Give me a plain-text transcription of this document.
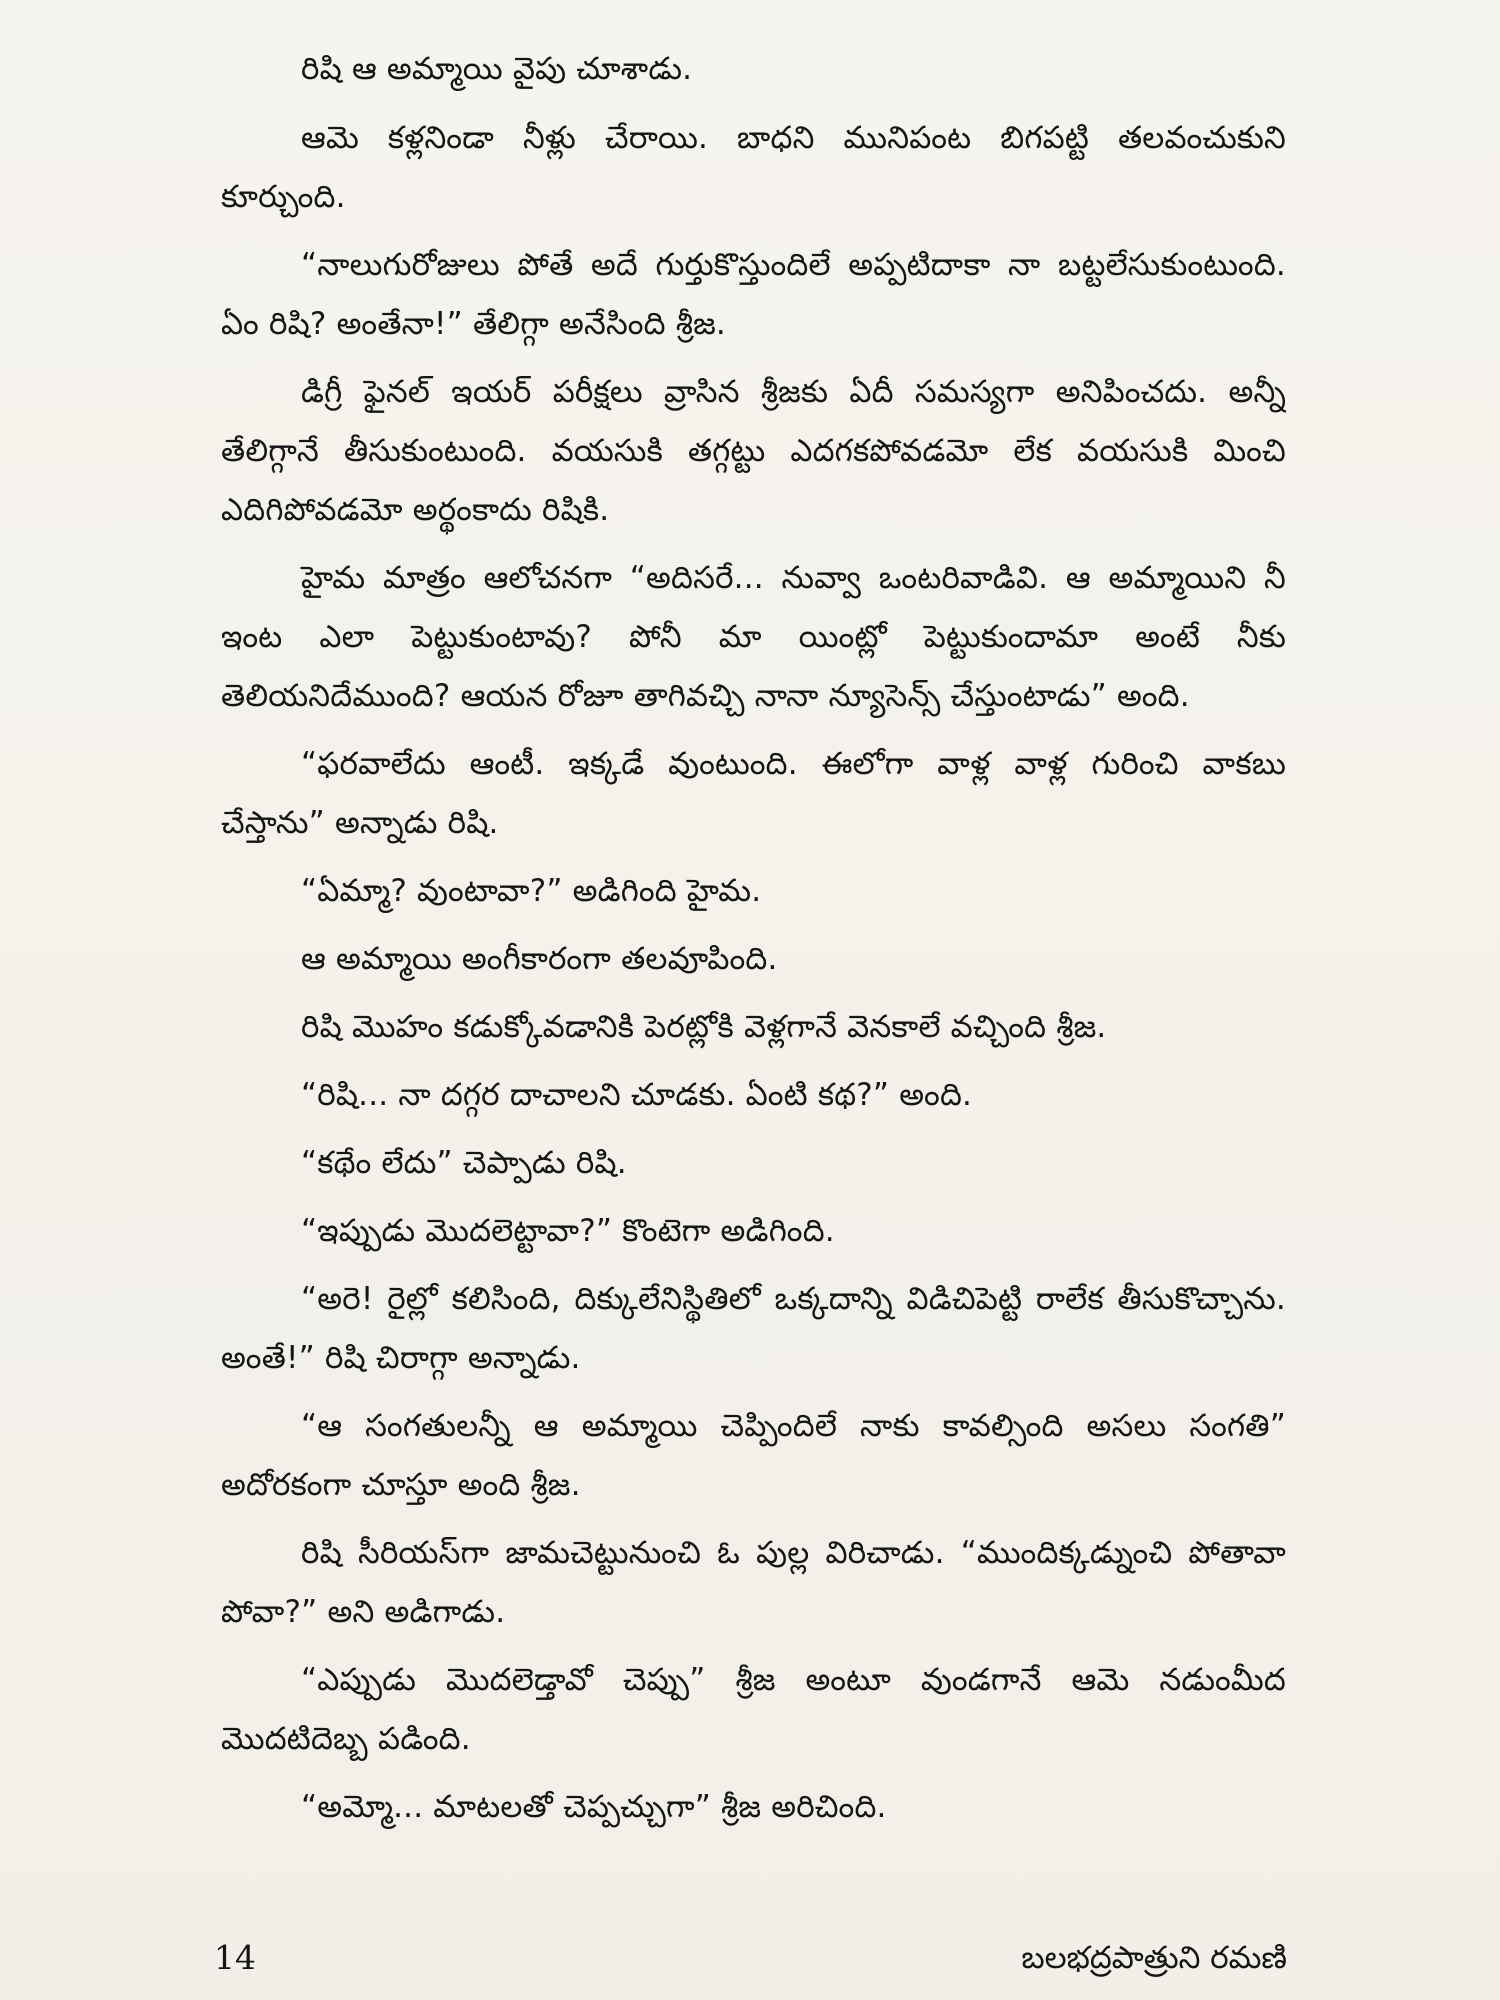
రిషి ఆ అమ్మాయి వైపు చూశాడు.

ఆమె కళ్లనిండా నీళ్లు చేరాయి. బాధని మునిపంట బిగపట్టి తలవంచుకుని కూర్చుంది.

“నాలుగురోజులు పోతే అదే గుర్తుకొస్తుందిలే అప్పటిదాకా నా బట్టలేసుకుంటుంది. ఏం రిషి? అంతేనా!” తేలిగ్గా అనేసింది శ్రీజ.

డిగ్రీ ఫైనల్ ఇయర్ పరీక్షలు వ్రాసిన శ్రీజకు ఏదీ సమస్యగా అనిపించదు. అన్నీ తేలిగ్గానే తీసుకుంటుంది. వయసుకి తగ్గట్టు ఎదగకపోవడమో లేక వయసుకి మించి ఎదిగిపోవడమో అర్థంకాదు రిషికి.

హైమ మాత్రం ఆలోచనగా “అదిసరే... నువ్వా ఒంటరివాడివి. ఆ అమ్మాయిని నీ ఇంట ఎలా పెట్టుకుంటావు? పోనీ మా యింట్లో పెట్టుకుందామా అంటే నీకు తెలియనిదేముంది? ఆయన రోజూ తాగివచ్చి నానా న్యూసెన్స్ చేస్తుంటాడు” అంది.

“ఫరవాలేదు ఆంటీ. ఇక్కడే వుంటుంది. ఈలోగా వాళ్ల వాళ్ల గురించి వాకబు చేస్తాను” అన్నాడు రిషి.

“ఏమ్మా? వుంటావా?” అడిగింది హైమ.

ఆ అమ్మాయి అంగీకారంగా తలవూపింది.

రిషి మొహం కడుక్కోవడానికి పెరట్లోకి వెళ్లగానే వెనకాలే వచ్చింది శ్రీజ.

“రిషి... నా దగ్గర దాచాలని చూడకు. ఏంటి కథ?” అంది.

“కథేం లేదు” చెప్పాడు రిషి.

“ఇప్పుడు మొదలెట్టావా?” కొంటెగా అడిగింది.

“అరె! రైల్లో కలిసింది, దిక్కులేనిస్థితిలో ఒక్కదాన్ని విడిచిపెట్టి రాలేక తీసుకొచ్చాను. అంతే!” రిషి చిరాగ్గా అన్నాడు.

“ఆ సంగతులన్నీ ఆ అమ్మాయి చెప్పిందిలే నాకు కావల్సింది అసలు సంగతి” అదోరకంగా చూస్తూ అంది శ్రీజ.

రిషి సీరియస్‌గా జామచెట్టునుంచి ఓ పుల్ల విరిచాడు. “ముందిక్కడ్నుంచి పోతావా పోవా?” అని అడిగాడు.

“ఎప్పుడు మొదలెడ్తావో చెప్పు” శ్రీజ అంటూ వుండగానే ఆమె నడుంమీద మొదటిదెబ్బ పడింది.

“అమ్మో... మాటలతో చెప్పచ్చుగా” శ్రీజ అరిచింది.

14	బలభద్రపాత్రుని రమణి
